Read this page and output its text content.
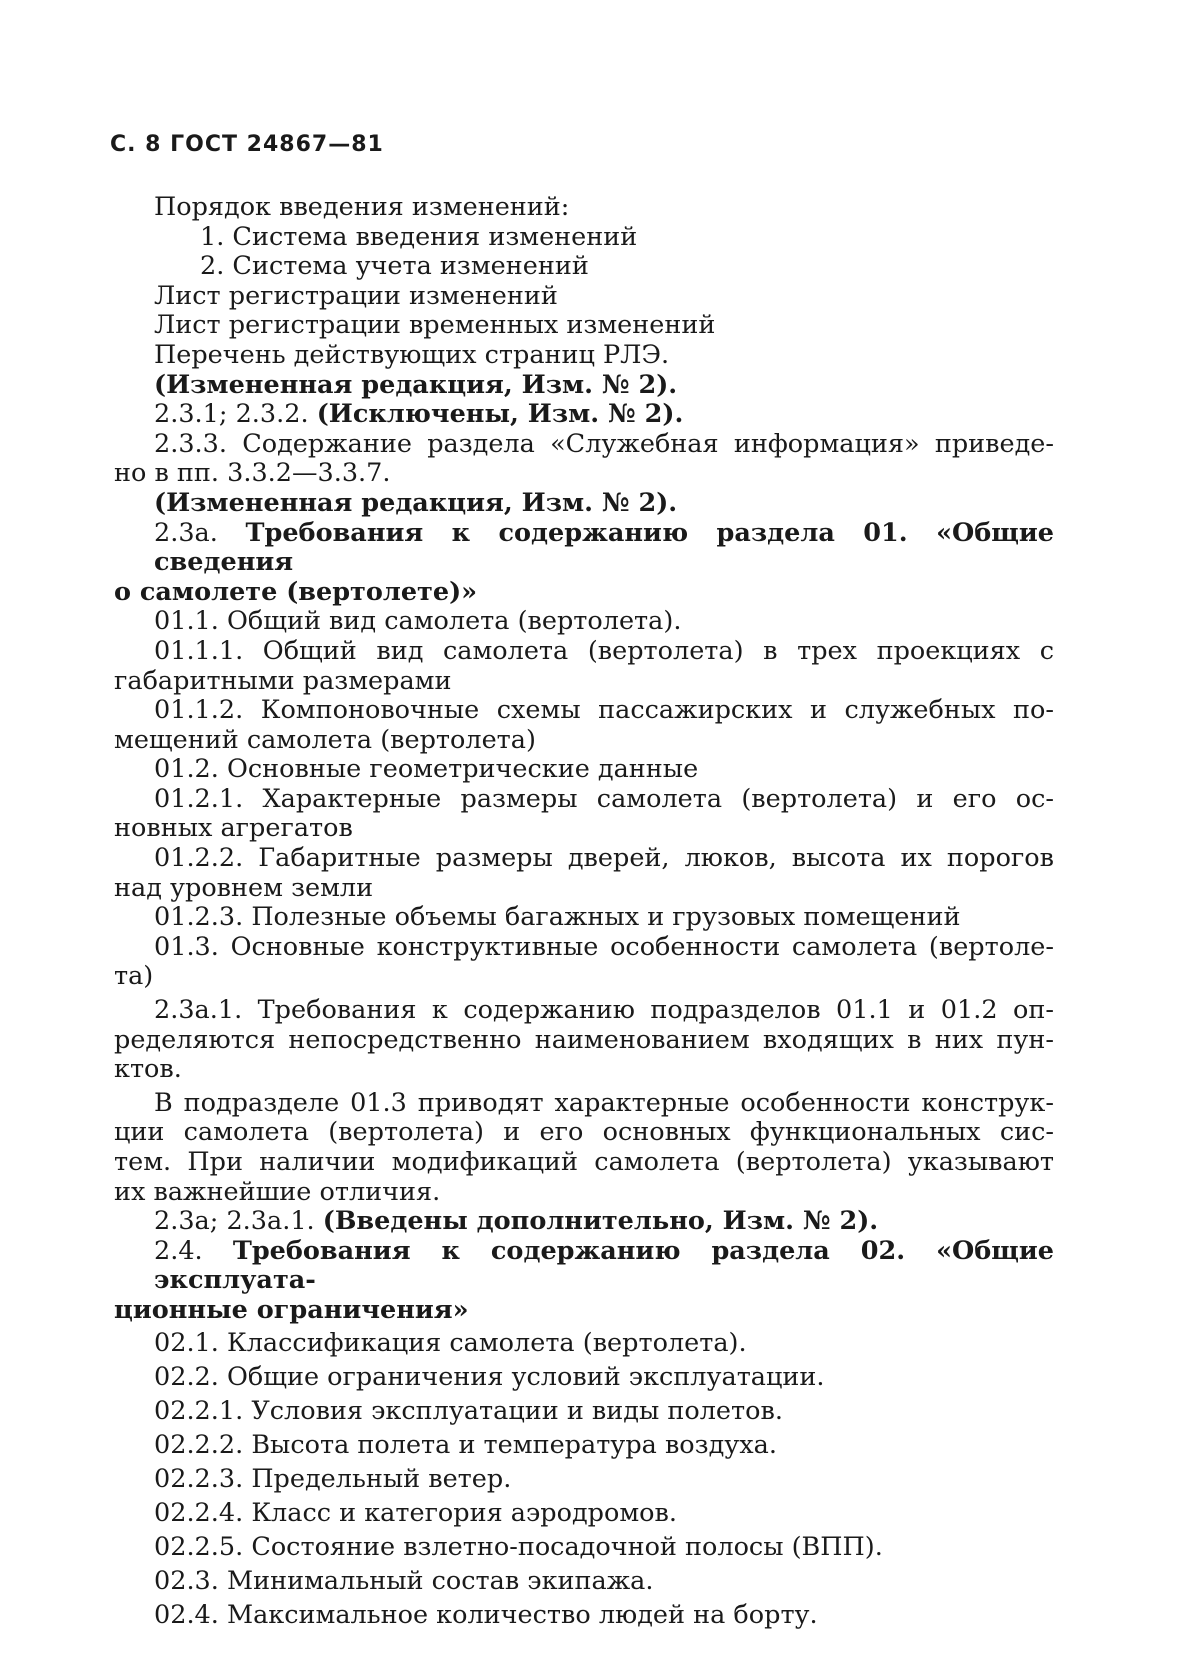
С. 8 ГОСТ 24867—81
Порядок введения изменений:
1. Система введения изменений
2. Система учета изменений
Лист регистрации изменений
Лист регистрации временных изменений
Перечень действующих страниц РЛЭ.
(Измененная редакция, Изм. № 2).
2.3.1; 2.3.2. (Исключены, Изм. № 2).
2.3.3. Содержание раздела «Служебная информация» приведе-
но в пп. 3.3.2—3.3.7.
(Измененная редакция, Изм. № 2).
2.3а. Требования к содержанию раздела 01. «Общие сведения
о самолете (вертолете)»
01.1. Общий вид самолета (вертолета).
01.1.1. Общий вид самолета (вертолета) в трех проекциях с
габаритными размерами
01.1.2. Компоновочные схемы пассажирских и служебных по-
мещений самолета (вертолета)
01.2. Основные геометрические данные
01.2.1. Характерные размеры самолета (вертолета) и его ос-
новных агрегатов
01.2.2. Габаритные размеры дверей, люков, высота их порогов
над уровнем земли
01.2.3. Полезные объемы багажных и грузовых помещений
01.3. Основные конструктивные особенности самолета (вертоле-
та)
2.3а.1. Требования к содержанию подразделов 01.1 и 01.2 оп-
ределяются непосредственно наименованием входящих в них пун-
ктов.
В подразделе 01.3 приводят характерные особенности конструк-
ции самолета (вертолета) и его основных функциональных сис-
тем. При наличии модификаций самолета (вертолета) указывают
их важнейшие отличия.
2.3а; 2.3а.1. (Введены дополнительно, Изм. № 2).
2.4. Требования к содержанию раздела 02. «Общие эксплуата-
ционные ограничения»
02.1. Классификация самолета (вертолета).
02.2. Общие ограничения условий эксплуатации.
02.2.1. Условия эксплуатации и виды полетов.
02.2.2. Высота полета и температура воздуха.
02.2.3. Предельный ветер.
02.2.4. Класс и категория аэродромов.
02.2.5. Состояние взлетно-посадочной полосы (ВПП).
02.3. Минимальный состав экипажа.
02.4. Максимальное количество людей на борту.
